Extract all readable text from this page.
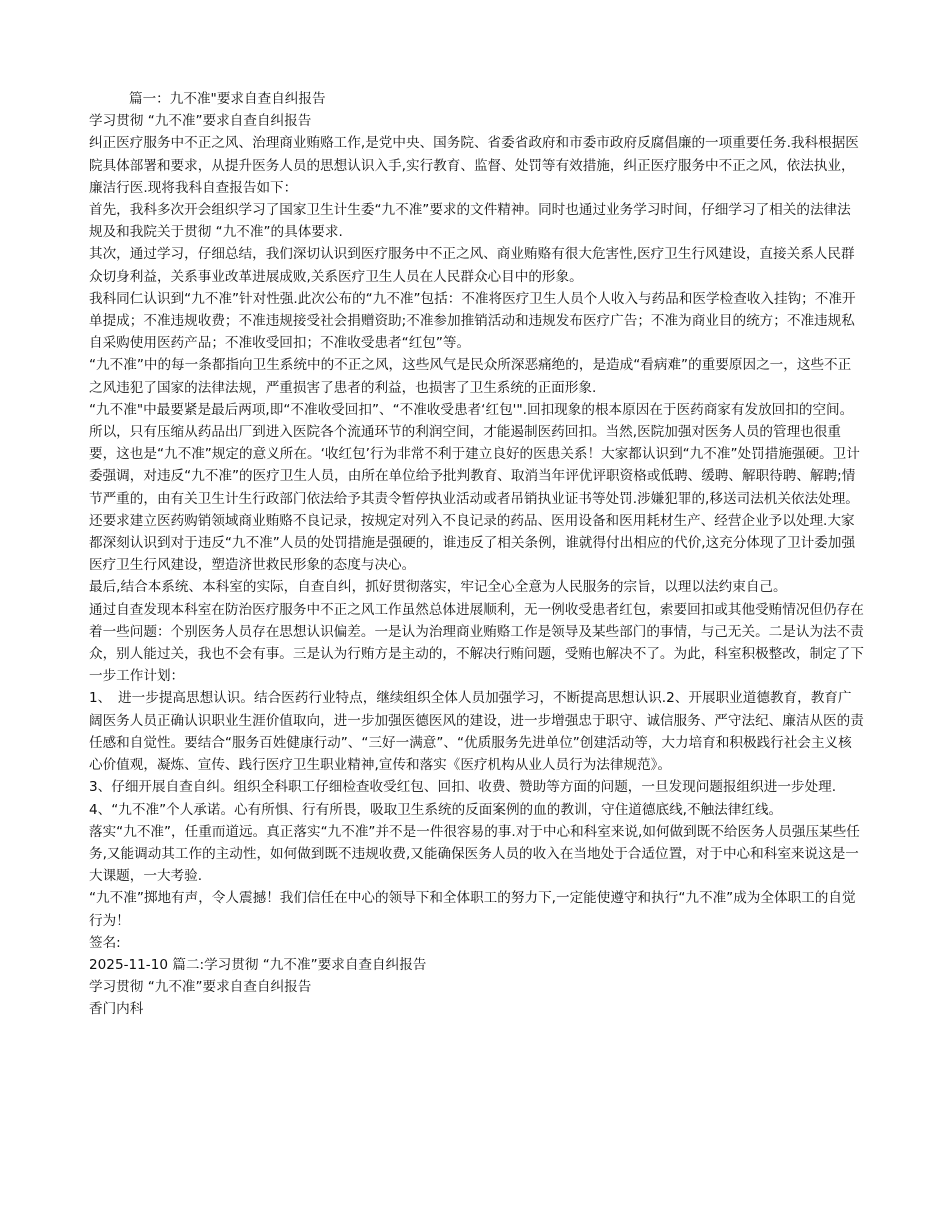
篇一：九不准"要求自查自纠报告
学习贯彻 “九不准”要求自查自纠报告
纠正医疗服务中不正之风、治理商业贿赂工作,是党中央、国务院、省委省政府和市委市政府反腐倡廉的一项重要任务.我科根据医院具体部署和要求，从提升医务人员的思想认识入手,实行教育、监督、处罚等有效措施，纠正医疗服务中不正之风，依法执业，廉洁行医.现将我科自查报告如下：
首先，我科多次开会组织学习了国家卫生计生委“九不准”要求的文件精神。同时也通过业务学习时间，仔细学习了相关的法律法规及和我院关于贯彻 “九不准”的具体要求.
其次，通过学习，仔细总结，我们深切认识到医疗服务中不正之风、商业贿赂有很大危害性,医疗卫生行风建设，直接关系人民群众切身利益，关系事业改革进展成败,关系医疗卫生人员在人民群众心目中的形象。
我科同仁认识到“九不准”针对性强.此次公布的“九不准”包括：不准将医疗卫生人员个人收入与药品和医学检查收入挂钩；不准开单提成；不准违规收费；不准违规接受社会捐赠资助;不准参加推销活动和违规发布医疗广告；不准为商业目的统方；不准违规私自采购使用医药产品；不准收受回扣；不准收受患者“红包”等。
“九不准”中的每一条都指向卫生系统中的不正之风，这些风气是民众所深恶痛绝的，是造成“看病难”的重要原因之一，这些不正之风违犯了国家的法律法规，严重损害了患者的利益，也损害了卫生系统的正面形象.
“九不准"中最要紧是最后两项,即“不准收受回扣”、“不准收受患者‘红包'".回扣现象的根本原因在于医药商家有发放回扣的空间。所以，只有压缩从药品出厂到进入医院各个流通环节的利润空间，才能遏制医药回扣。当然,医院加强对医务人员的管理也很重要，这也是“九不准”规定的意义所在。‘收红包’行为非常不利于建立良好的医患关系！大家都认识到“九不准”处罚措施强硬。卫计委强调，对违反“九不准”的医疗卫生人员，由所在单位给予批判教育、取消当年评优评职资格或低聘、缓聘、解职待聘、解聘;情节严重的，由有关卫生计生行政部门依法给予其责令暂停执业活动或者吊销执业证书等处罚.涉嫌犯罪的,移送司法机关依法处理。还要求建立医药购销领域商业贿赂不良记录，按规定对列入不良记录的药品、医用设备和医用耗材生产、经营企业予以处理.大家都深刻认识到对于违反“九不准”人员的处罚措施是强硬的，谁违反了相关条例，谁就得付出相应的代价,这充分体现了卫计委加强医疗卫生行风建设，塑造济世救民形象的态度与决心。
最后,结合本系统、本科室的实际，自查自纠，抓好贯彻落实，牢记全心全意为人民服务的宗旨，以理以法约束自己。
通过自查发现本科室在防治医疗服务中不正之风工作虽然总体进展顺利，无一例收受患者红包，索要回扣或其他受贿情况但仍存在着一些问题：个别医务人员存在思想认识偏差。一是认为治理商业贿赂工作是领导及某些部门的事情，与己无关。二是认为法不责众，别人能过关，我也不会有事。三是认为行贿方是主动的，不解决行贿问题，受贿也解决不了。为此，科室积极整改，制定了下一步工作计划：
1、　进一步提高思想认识。结合医药行业特点，继续组织全体人员加强学习，不断提高思想认识.2、开展职业道德教育，教育广阔医务人员正确认识职业生涯价值取向，进一步加强医德医风的建设，进一步增强忠于职守、诚信服务、严守法纪、廉洁从医的责任感和自觉性。要结合“服务百姓健康行动”、“三好一满意”、“优质服务先进单位”创建活动等，大力培育和积极践行社会主义核心价值观，凝炼、宣传、践行医疗卫生职业精神,宣传和落实《医疗机构从业人员行为法律规范》。
3、仔细开展自查自纠。组织全科职工仔细检查收受红包、回扣、收费、赞助等方面的问题，一旦发现问题报组织进一步处理.
4、“九不准”个人承诺。心有所惧、行有所畏，吸取卫生系统的反面案例的血的教训，守住道德底线,不触法律红线。
落实“九不准”，任重而道远。真正落实“九不准”并不是一件很容易的事.对于中心和科室来说,如何做到既不给医务人员强压某些任务,又能调动其工作的主动性，如何做到既不违规收费,又能确保医务人员的收入在当地处于合适位置，对于中心和科室来说这是一大课题，一大考验.
“九不准”掷地有声，令人震撼！我们信任在中心的领导下和全体职工的努力下,一定能使遵守和执行“九不准”成为全体职工的自觉行为！
签名:
2025-11-10 篇二:学习贯彻 “九不准”要求自查自纠报告
学习贯彻 “九不准”要求自查自纠报告
香门内科
